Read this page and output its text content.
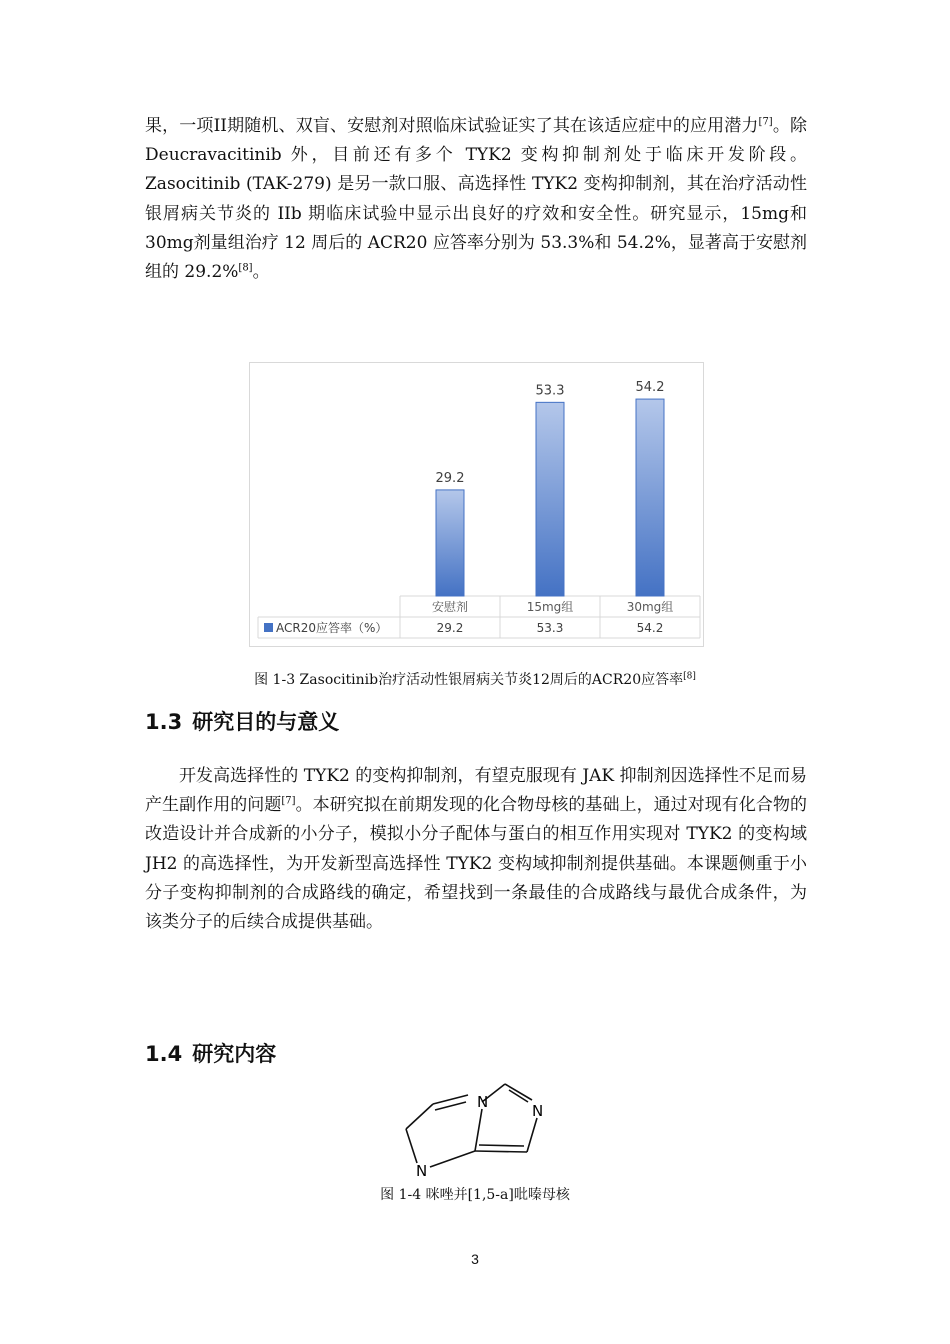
果，一项II期随机、双盲、安慰剂对照临床试验证实了其在该适应症中的应用潜力[7]。除 Deucravacitinib 外，目前还有多个 TYK2 变构抑制剂处于临床开发阶段。Zasocitinib (TAK-279) 是另一款口服、高选择性 TYK2 变构抑制剂，其在治疗活动性银屑病关节炎的 IIb 期临床试验中显示出良好的疗效和安全性。研究显示，15mg和30mg剂量组治疗 12 周后的 ACR20 应答率分别为 53.3%和 54.2%，显著高于安慰剂组的 29.2%[8]。

29.2
安慰剂
29.2
53.3
15mg组
53.3
54.2
30mg组
54.2
ACR20应答率（%）

图 1-3 Zasocitinib治疗活动性银屑病关节炎12周后的ACR20应答率[8]

1.3 研究目的与意义

开发高选择性的 TYK2 的变构抑制剂，有望克服现有 JAK 抑制剂因选择性不足而易产生副作用的问题[7]。本研究拟在前期发现的化合物母核的基础上，通过对现有化合物的改造设计并合成新的小分子，模拟小分子配体与蛋白的相互作用实现对 TYK2 的变构域 JH2 的高选择性，为开发新型高选择性 TYK2 变构域抑制剂提供基础。本课题侧重于小分子变构抑制剂的合成路线的确定，希望找到一条最佳的合成路线与最优合成条件，为该类分子的后续合成提供基础。

1.4 研究内容
N	N
N

图 1-4 咪唑并[1,5-a]吡嗪母核

3
